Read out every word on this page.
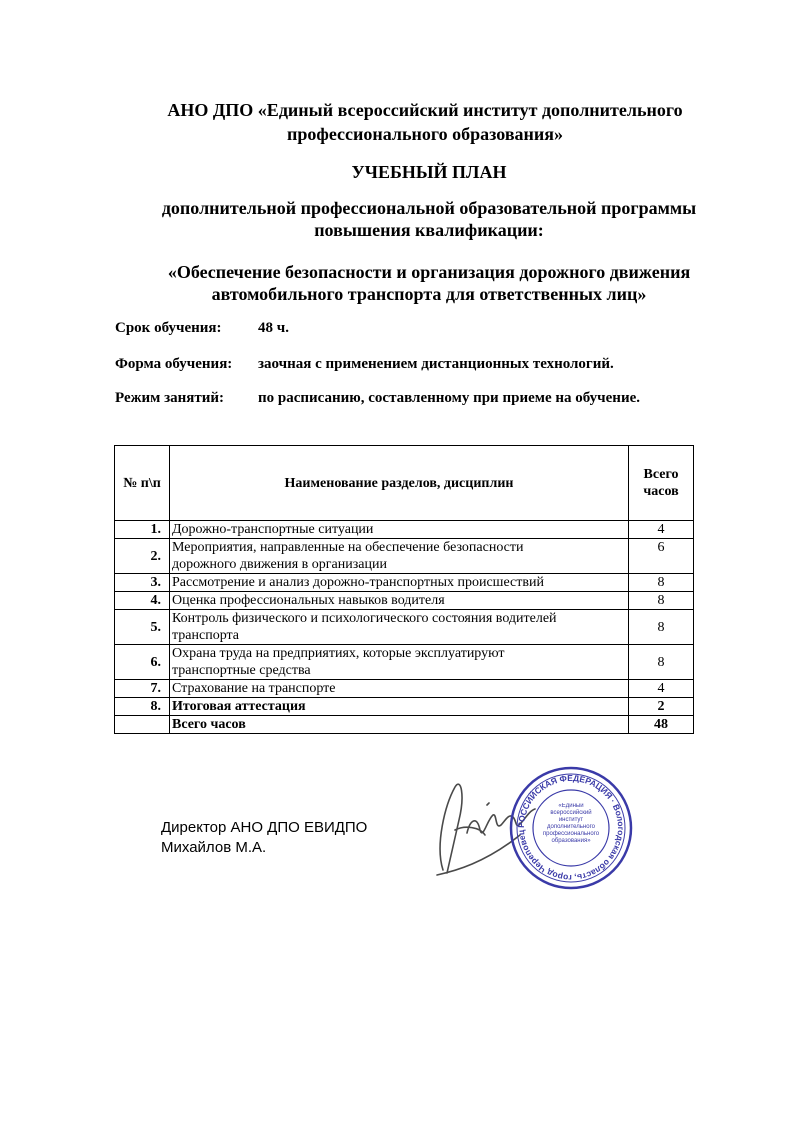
АНО ДПО «Единый всероссийский институт дополнительного
профессионального образования»
УЧЕБНЫЙ ПЛАН
дополнительной профессиональной образовательной программы
повышения квалификации:
«Обеспечение безопасности и организация дорожного движения
автомобильного транспорта для ответственных лиц»
Срок обучения: 48 ч.
Форма обучения: заочная с применением дистанционных технологий.
Режим занятий: по расписанию, составленному при приеме на обучение.
№ п\п	Наименование разделов, дисциплин	Всего
часов

1.	Дорожно-транспортные ситуации	4
2.	Мероприятия, направленные на обеспечение безопасности
дорожного движения в организации	6
3.	Рассмотрение и анализ дорожно-транспортных происшествий	8
4.	Оценка профессиональных навыков водителя	8
5.	Контроль физического и психологического состояния водителей
транспорта	8
6.	Охрана труда на предприятиях, которые эксплуатируют
транспортные средства	8
7.	Страхование на транспорте	4
8.	Итоговая аттестация	2
	Всего часов	48
Директор АНО ДПО ЕВИДПО
Михайлов М.А.
РОССИЙСКАЯ ФЕДЕРАЦИЯ · Вологодская область, город Череповец
«Единый всероссийский институт дополнительного профессионального образования»
